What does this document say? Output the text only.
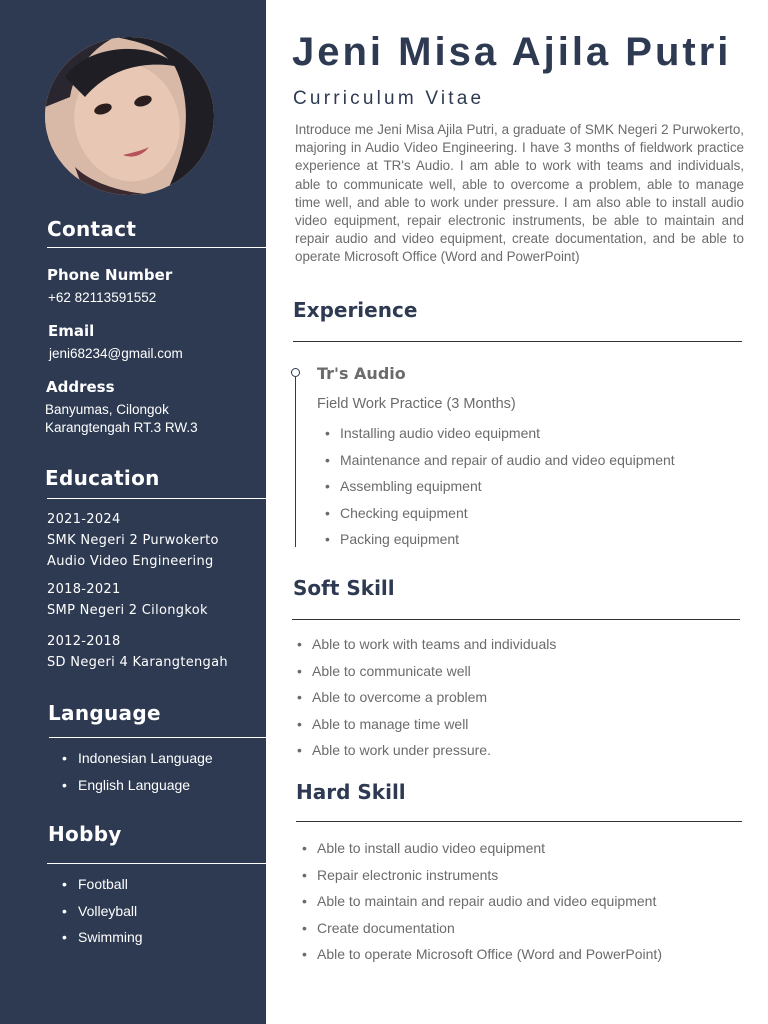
Contact
Phone Number
+62 82113591552
Email
jeni68234@gmail.com
Address
Banyumas, Cilongok
Karangtengah RT.3 RW.3
Education
2021-2024
SMK Negeri 2 Purwokerto
Audio Video Engineering
2018-2021
SMP Negeri 2 Cilongkok
2012-2018
SD Negeri 4 Karangtengah
Language
• Indonesian Language
• English Language
Hobby
• Football
• Volleyball
• Swimming
Jeni Misa Ajila Putri
Curriculum Vitae
Introduce me Jeni Misa Ajila Putri, a graduate of SMK Negeri 2 Purwokerto, majoring in Audio Video Engineering. I have 3 months of fieldwork practice experience at TR's Audio. I am able to work with teams and individuals, able to communicate well, able to overcome a problem, able to manage time well, and able to work under pressure. I am also able to install audio video equipment, repair electronic instruments, be able to maintain and repair audio and video equipment, create documentation, and be able to operate Microsoft Office (Word and PowerPoint)
Experience
Tr's Audio
Field Work Practice (3 Months)
• Installing audio video equipment
• Maintenance and repair of audio and video equipment
• Assembling equipment
• Checking equipment
• Packing equipment
Soft Skill
• Able to work with teams and individuals
• Able to communicate well
• Able to overcome a problem
• Able to manage time well
• Able to work under pressure.
Hard Skill
• Able to install audio video equipment
• Repair electronic instruments
• Able to maintain and repair audio and video equipment
• Create documentation
• Able to operate Microsoft Office (Word and PowerPoint)
